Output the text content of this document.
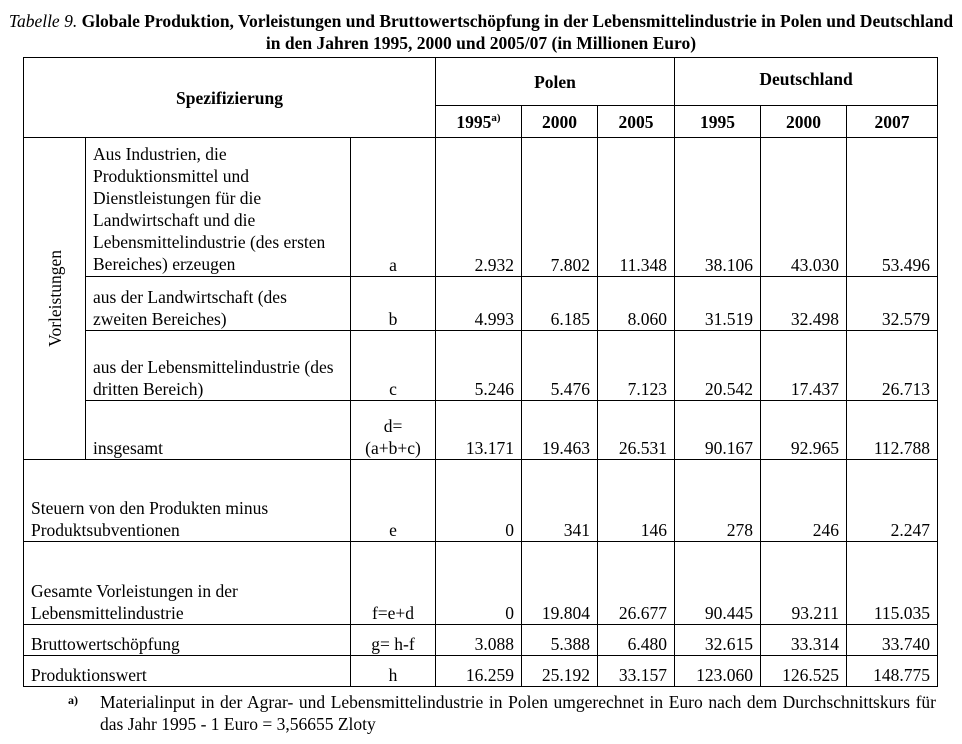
Tabelle 9. Globale Produktion, Vorleistungen und Bruttowertschöpfung in der Lebensmittelindustrie in Polen und Deutschland in den Jahren 1995, 2000 und 2005/07 (in Millionen Euro)
Spezifizierung			Polen			Deutschland		
			1995$^{a)}$	2000	2005	1995	2000	2007

Vorleistungen	Aus Industrien, die Produktionsmittel und Dienstleistungen für die Landwirtschaft und die Lebensmittelindustrie (des ersten Bereiches) erzeugen	a	2.932	7.802	11.348	38.106	43.030	53.496
	aus der Landwirtschaft (des zweiten Bereiches)	b	4.993	6.185	8.060	31.519	32.498	32.579
	aus der Lebensmittelindustrie (des dritten Bereich)	c	5.246	5.476	7.123	20.542	17.437	26.713
	insgesamt	d= (a+b+c)	13.171	19.463	26.531	90.167	92.965	112.788
Steuern von den Produkten minus Produktsubventionen		e	0	341	146	278	246	2.247
Gesamte Vorleistungen in der Lebensmittelindustrie		f=e+d	0	19.804	26.677	90.445	93.211	115.035
Bruttowertschöpfung		g= h-f	3.088	5.388	6.480	32.615	33.314	33.740
Produktionswert		h	16.259	25.192	33.157	123.060	126.525	148.775
a) Materialinput in der Agrar- und Lebensmittelindustrie in Polen umgerechnet in Euro nach dem Durchschnittskurs für das Jahr 1995 - 1 Euro = 3,56655 Zloty
